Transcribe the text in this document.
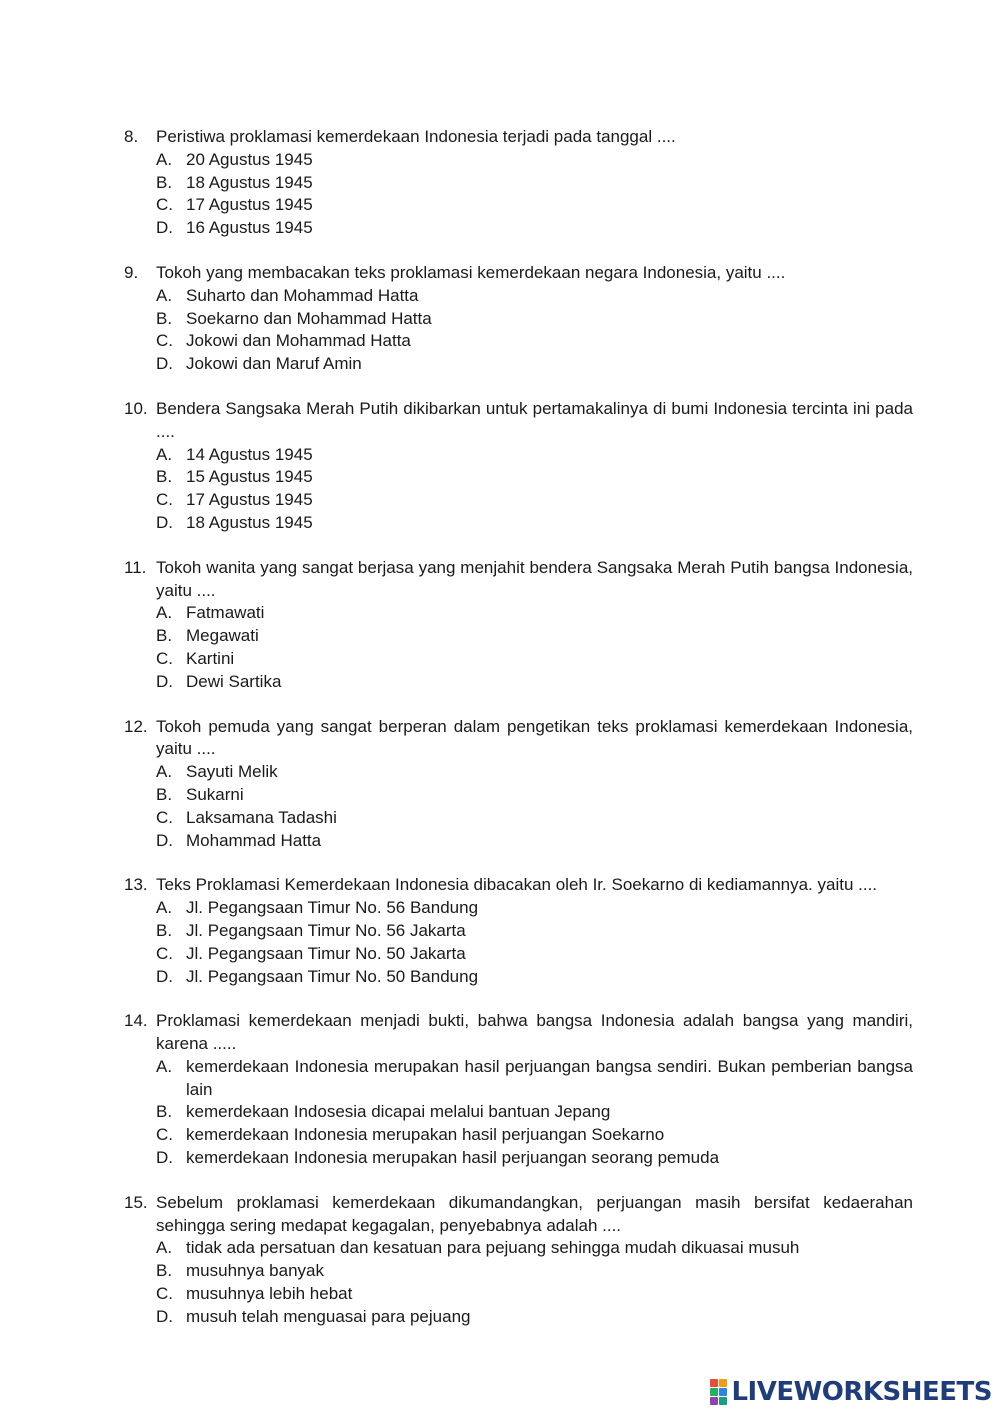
8. Peristiwa proklamasi kemerdekaan Indonesia terjadi pada tanggal ....
A. 20 Agustus 1945
B. 18 Agustus 1945
C. 17 Agustus 1945
D. 16 Agustus 1945
9. Tokoh yang membacakan teks proklamasi kemerdekaan negara Indonesia, yaitu ....
A. Suharto dan Mohammad Hatta
B. Soekarno dan Mohammad Hatta
C. Jokowi dan Mohammad Hatta
D. Jokowi dan Maruf Amin
10. Bendera Sangsaka Merah Putih dikibarkan untuk pertamakalinya di bumi Indonesia tercinta ini pada ....
A. 14 Agustus 1945
B. 15 Agustus 1945
C. 17 Agustus 1945
D. 18 Agustus 1945
11. Tokoh wanita yang sangat berjasa yang menjahit bendera Sangsaka Merah Putih bangsa Indonesia, yaitu ....
A. Fatmawati
B. Megawati
C. Kartini
D. Dewi Sartika
12. Tokoh pemuda yang sangat berperan dalam pengetikan teks proklamasi kemerdekaan Indonesia, yaitu ....
A. Sayuti Melik
B. Sukarni
C. Laksamana Tadashi
D. Mohammad Hatta
13. Teks Proklamasi Kemerdekaan Indonesia dibacakan oleh Ir. Soekarno di kediamannya. yaitu ....
A. Jl. Pegangsaan Timur No. 56 Bandung
B. Jl. Pegangsaan Timur No. 56 Jakarta
C. Jl. Pegangsaan Timur No. 50 Jakarta
D. Jl. Pegangsaan Timur No. 50 Bandung
14. Proklamasi kemerdekaan menjadi bukti, bahwa bangsa Indonesia adalah bangsa yang mandiri, karena .....
A. kemerdekaan Indonesia merupakan hasil perjuangan bangsa sendiri. Bukan pemberian bangsa lain
B. kemerdekaan Indosesia dicapai melalui bantuan Jepang
C. kemerdekaan Indonesia merupakan hasil perjuangan Soekarno
D. kemerdekaan Indonesia merupakan hasil perjuangan seorang pemuda
15. Sebelum proklamasi kemerdekaan dikumandangkan, perjuangan masih bersifat kedaerahan sehingga sering medapat kegagalan, penyebabnya adalah ....
A. tidak ada persatuan dan kesatuan para pejuang sehingga mudah dikuasai musuh
B. musuhnya banyak
C. musuhnya lebih hebat
D. musuh telah menguasai para pejuang
LIVEWORKSHEETS
